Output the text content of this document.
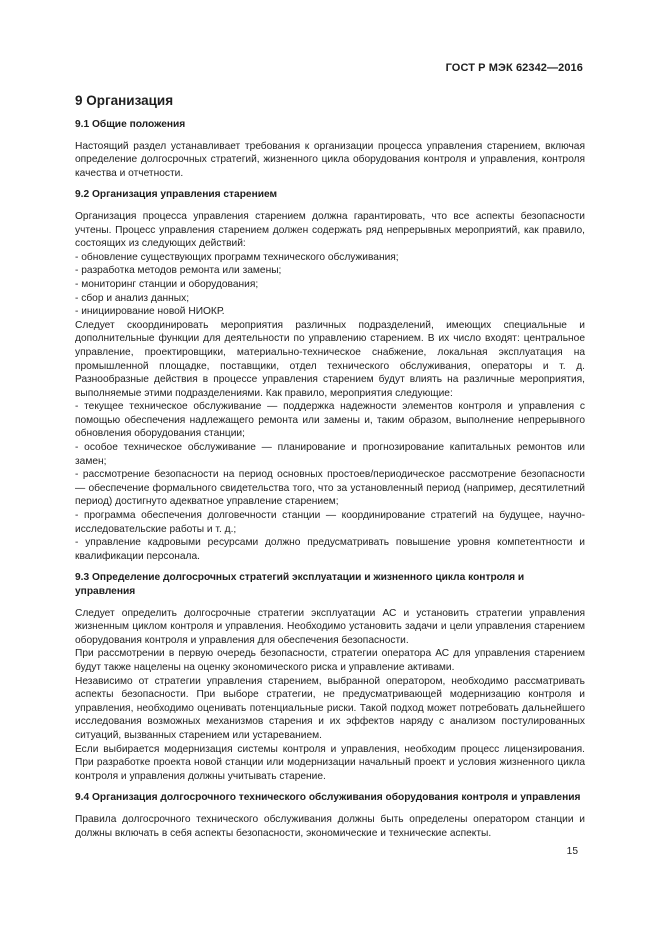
ГОСТ Р МЭК 62342—2016
9 Организация
9.1 Общие положения

Настоящий раздел устанавливает требования к организации процесса управления старением, включая определение долгосрочных стратегий, жизненного цикла оборудования контроля и управления, контроля качества и отчетности.

9.2 Организация управления старением

Организация процесса управления старением должна гарантировать, что все аспекты безопасности учтены. Процесс управления старением должен содержать ряд непрерывных мероприятий, как правило, состоящих из следующих действий:

- обновление существующих программ технического обслуживания;

- разработка методов ремонта или замены;

- мониторинг станции и оборудования;

- сбор и анализ данных;

- инициирование новой НИОКР.

Следует скоординировать мероприятия различных подразделений, имеющих специальные и дополнительные функции для деятельности по управлению старением. В их число входят: центральное управление, проектировщики, материально-техническое снабжение, локальная эксплуатация на промышленной площадке, поставщики, отдел технического обслуживания, операторы и т. д. Разнообразные действия в процессе управления старением будут влиять на различные мероприятия, выполняемые этими подразделениями. Как правило, мероприятия следующие:

- текущее техническое обслуживание — поддержка надежности элементов контроля и управления с помощью обеспечения надлежащего ремонта или замены и, таким образом, выполнение непрерывного обновления оборудования станции;

- особое техническое обслуживание — планирование и прогнозирование капитальных ремонтов или замен;

- рассмотрение безопасности на период основных простоев/периодическое рассмотрение безопасности — обеспечение формального свидетельства того, что за установленный период (например, десятилетний период) достигнуто адекватное управление старением;

- программа обеспечения долговечности станции — координирование стратегий на будущее, научно-исследовательские работы и т. д.;

- управление кадровыми ресурсами должно предусматривать повышение уровня компетентности и квалификации персонала.

9.3 Определение долгосрочных стратегий эксплуатации и жизненного цикла контроля и управления

Следует определить долгосрочные стратегии эксплуатации АС и установить стратегии управления жизненным циклом контроля и управления. Необходимо установить задачи и цели управления старением оборудования контроля и управления для обеспечения безопасности.

При рассмотрении в первую очередь безопасности, стратегии оператора АС для управления старением будут также нацелены на оценку экономического риска и управление активами.

Независимо от стратегии управления старением, выбранной оператором, необходимо рассматривать аспекты безопасности. При выборе стратегии, не предусматривающей модернизацию контроля и управления, необходимо оценивать потенциальные риски. Такой подход может потребовать дальнейшего исследования возможных механизмов старения и их эффектов наряду с анализом постулированных ситуаций, вызванных старением или устареванием.

Если выбирается модернизация системы контроля и управления, необходим процесс лицензирования. При разработке проекта новой станции или модернизации начальный проект и условия жизненного цикла контроля и управления должны учитывать старение.

9.4 Организация долгосрочного технического обслуживания оборудования контроля и управления

Правила долгосрочного технического обслуживания должны быть определены оператором станции и должны включать в себя аспекты безопасности, экономические и технические аспекты.

15
